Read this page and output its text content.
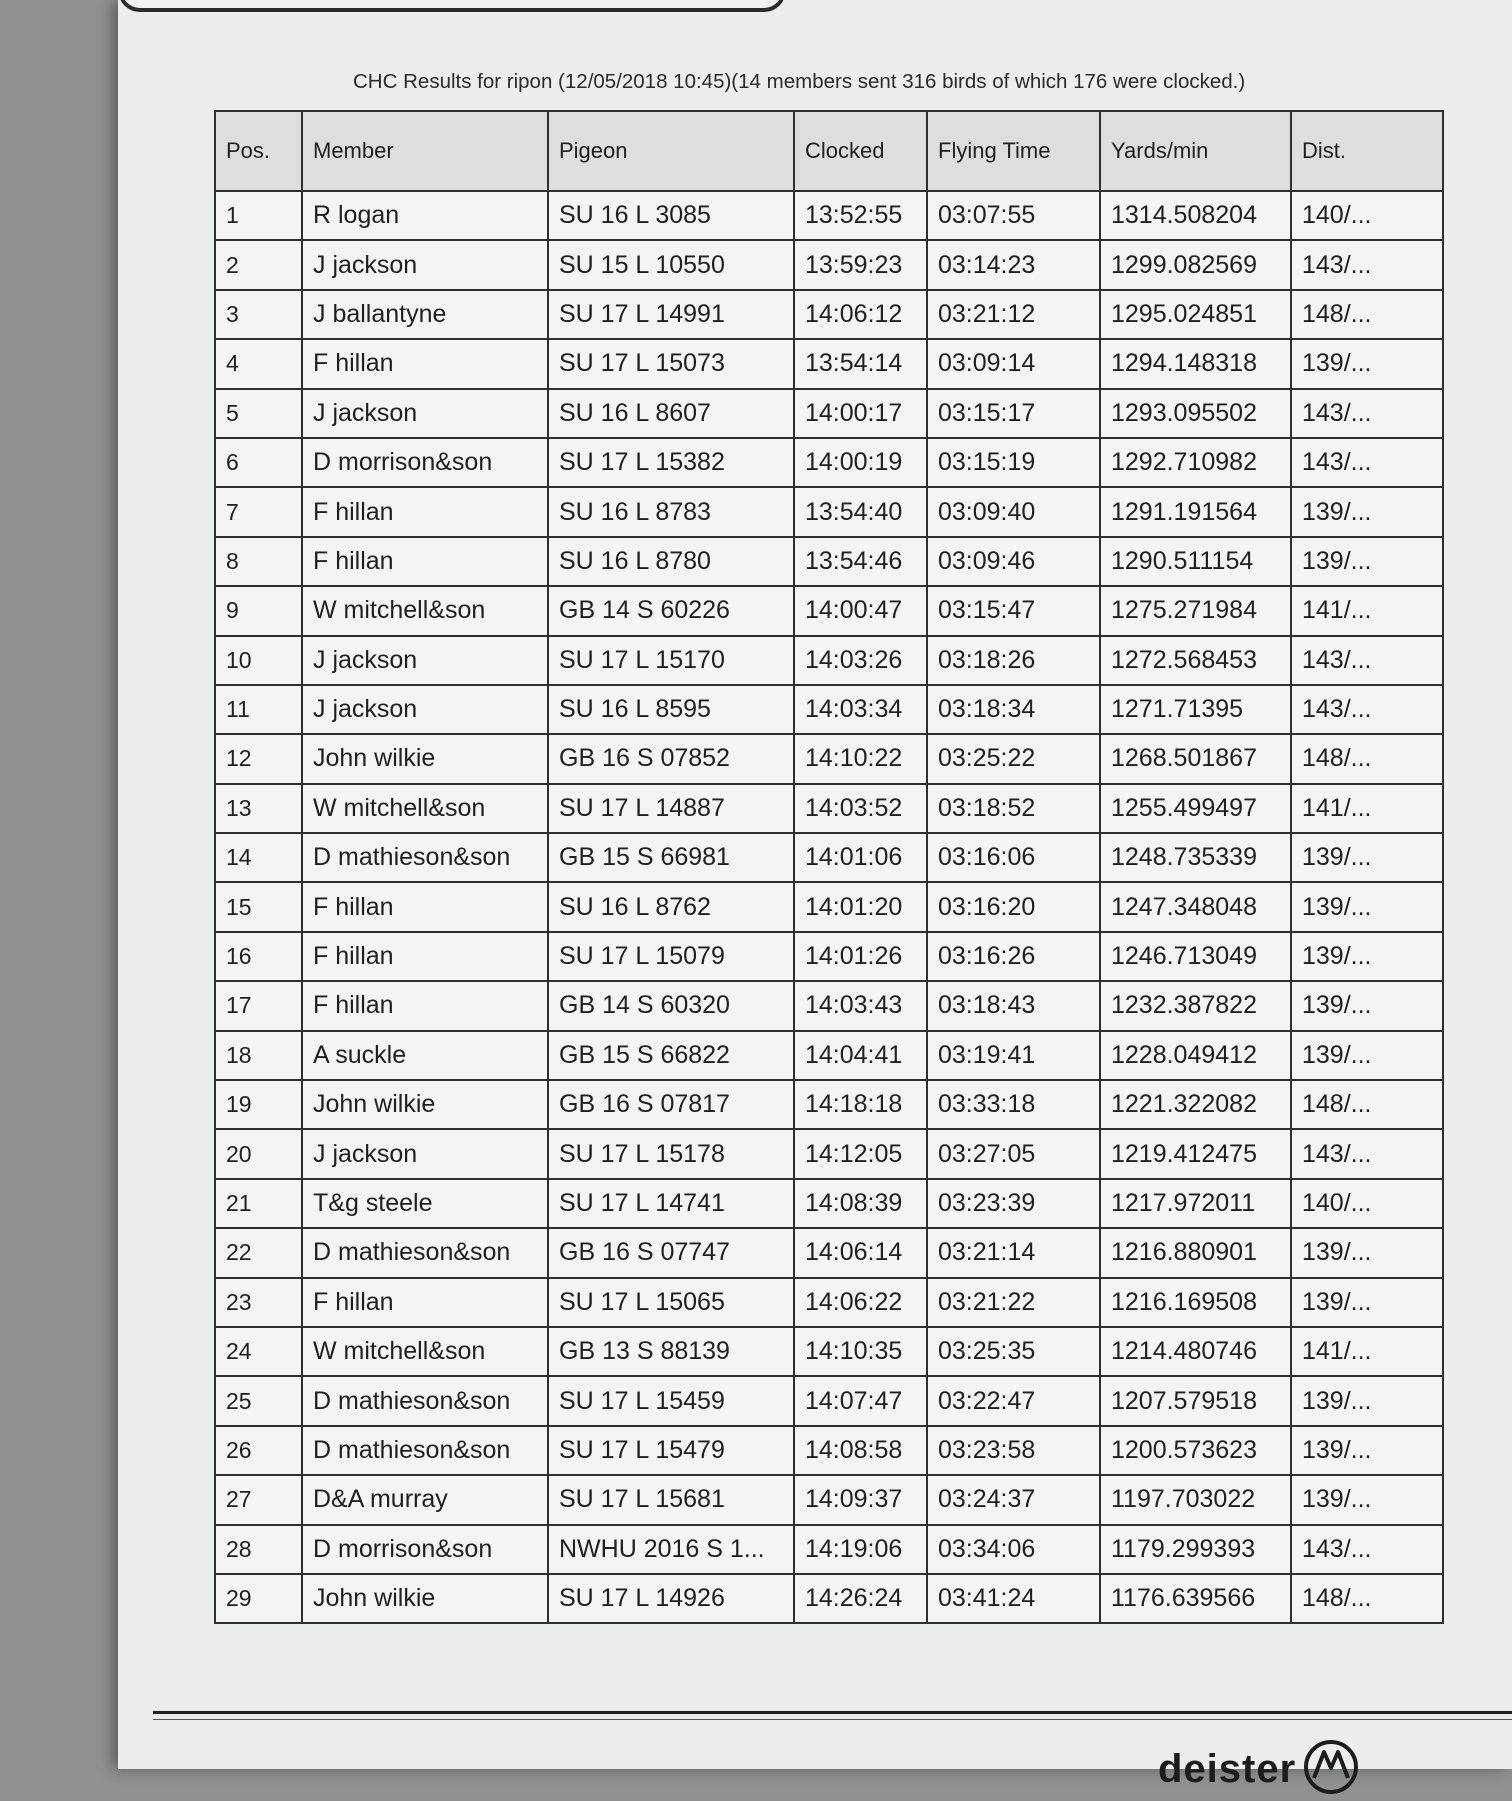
CHC Results for ripon (12/05/2018 10:45)(14 members sent 316 birds of which 176 were clocked.)
Pos.	Member	Pigeon	Clocked	Flying Time	Yards/min	Dist.
1	R logan	SU 16 L 3085	13:52:55	03:07:55	1314.508204	140/...
2	J jackson	SU 15 L 10550	13:59:23	03:14:23	1299.082569	143/...
3	J ballantyne	SU 17 L 14991	14:06:12	03:21:12	1295.024851	148/...
4	F hillan	SU 17 L 15073	13:54:14	03:09:14	1294.148318	139/...
5	J jackson	SU 16 L 8607	14:00:17	03:15:17	1293.095502	143/...
6	D morrison&son	SU 17 L 15382	14:00:19	03:15:19	1292.710982	143/...
7	F hillan	SU 16 L 8783	13:54:40	03:09:40	1291.191564	139/...
8	F hillan	SU 16 L 8780	13:54:46	03:09:46	1290.511154	139/...
9	W mitchell&son	GB 14 S 60226	14:00:47	03:15:47	1275.271984	141/...
10	J jackson	SU 17 L 15170	14:03:26	03:18:26	1272.568453	143/...
11	J jackson	SU 16 L 8595	14:03:34	03:18:34	1271.71395	143/...
12	John wilkie	GB 16 S 07852	14:10:22	03:25:22	1268.501867	148/...
13	W mitchell&son	SU 17 L 14887	14:03:52	03:18:52	1255.499497	141/...
14	D mathieson&son	GB 15 S 66981	14:01:06	03:16:06	1248.735339	139/...
15	F hillan	SU 16 L 8762	14:01:20	03:16:20	1247.348048	139/...
16	F hillan	SU 17 L 15079	14:01:26	03:16:26	1246.713049	139/...
17	F hillan	GB 14 S 60320	14:03:43	03:18:43	1232.387822	139/...
18	A suckle	GB 15 S 66822	14:04:41	03:19:41	1228.049412	139/...
19	John wilkie	GB 16 S 07817	14:18:18	03:33:18	1221.322082	148/...
20	J jackson	SU 17 L 15178	14:12:05	03:27:05	1219.412475	143/...
21	T&g steele	SU 17 L 14741	14:08:39	03:23:39	1217.972011	140/...
22	D mathieson&son	GB 16 S 07747	14:06:14	03:21:14	1216.880901	139/...
23	F hillan	SU 17 L 15065	14:06:22	03:21:22	1216.169508	139/...
24	W mitchell&son	GB 13 S 88139	14:10:35	03:25:35	1214.480746	141/...
25	D mathieson&son	SU 17 L 15459	14:07:47	03:22:47	1207.579518	139/...
26	D mathieson&son	SU 17 L 15479	14:08:58	03:23:58	1200.573623	139/...
27	D&A murray	SU 17 L 15681	14:09:37	03:24:37	1197.703022	139/...
28	D morrison&son	NWHU 2016 S 1...	14:19:06	03:34:06	1179.299393	143/...
29	John wilkie	SU 17 L 14926	14:26:24	03:41:24	1176.639566	148/...
deister
